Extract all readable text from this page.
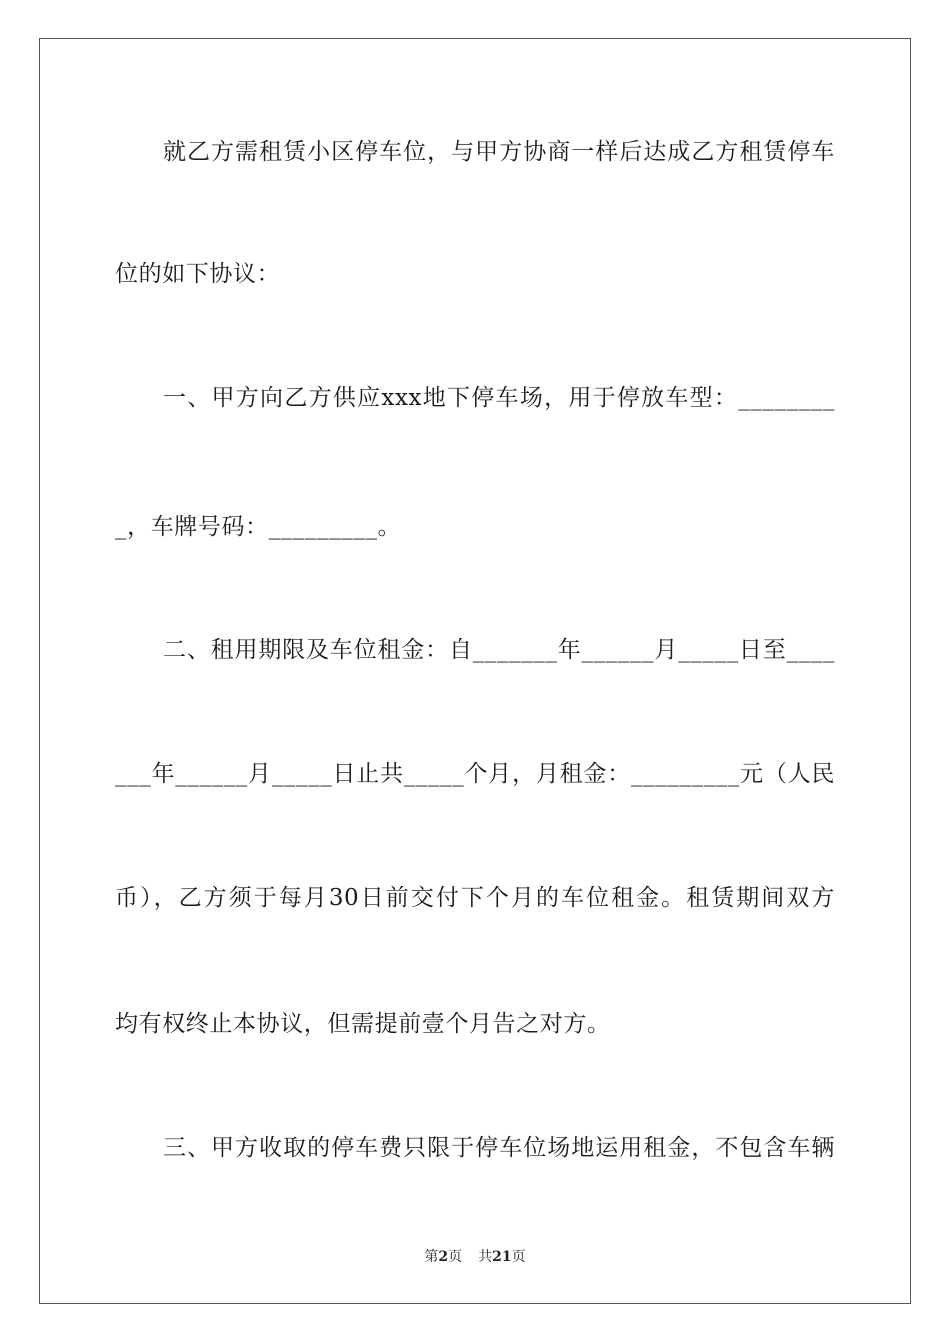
就乙方需租赁小区停车位，与甲方协商一样后达成乙方租赁停车
位的如下协议：
一、甲方向乙方供应xxx地下停车场，用于停放车型：________
_，车牌号码：_________。
二、租用期限及车位租金：自_______年______月_____日至____
___年______月_____日止共_____个月，月租金：_________元（人民
币），乙方须于每月30日前交付下个月的车位租金。租赁期间双方
均有权终止本协议，但需提前壹个月告之对方。
三、甲方收取的停车费只限于停车位场地运用租金，不包含车辆
第2页 共21页
